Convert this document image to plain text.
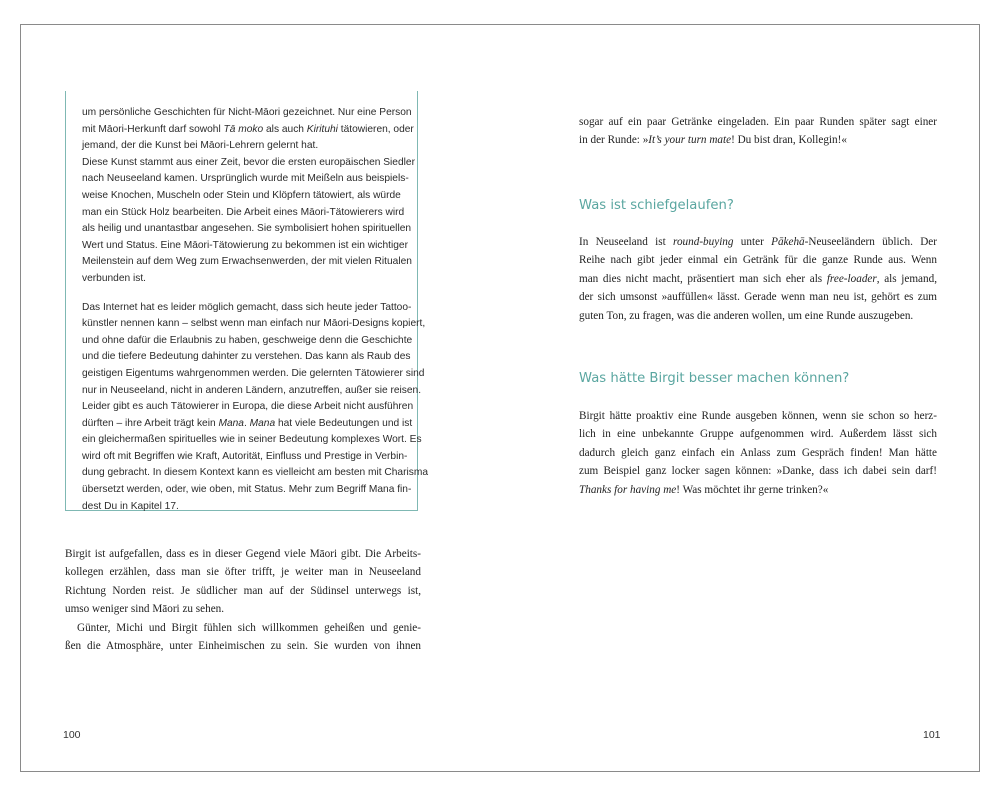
um persönliche Geschichten für Nicht-Māori gezeichnet. Nur eine Person
mit Māori-Herkunft darf sowohl Tā moko als auch Kirituhi tätowieren, oder
jemand, der die Kunst bei Māori-Lehrern gelernt hat.

Diese Kunst stammt aus einer Zeit, bevor die ersten europäischen Siedler
nach Neuseeland kamen. Ursprünglich wurde mit Meißeln aus beispiels-
weise Knochen, Muscheln oder Stein und Klöpfern tätowiert, als würde
man ein Stück Holz bearbeiten. Die Arbeit eines Māori-Tätowierers wird
als heilig und unantastbar angesehen. Sie symbolisiert hohen spirituellen
Wert und Status. Eine Māori-Tätowierung zu bekommen ist ein wichtiger
Meilenstein auf dem Weg zum Erwachsenwerden, der mit vielen Ritualen
verbunden ist.

Das Internet hat es leider möglich gemacht, dass sich heute jeder Tattoo-
künstler nennen kann – selbst wenn man einfach nur Māori-Designs kopiert,
und ohne dafür die Erlaubnis zu haben, geschweige denn die Geschichte
und die tiefere Bedeutung dahinter zu verstehen. Das kann als Raub des
geistigen Eigentums wahrgenommen werden. Die gelernten Tätowierer sind
nur in Neuseeland, nicht in anderen Ländern, anzutreffen, außer sie reisen.
Leider gibt es auch Tätowierer in Europa, die diese Arbeit nicht ausführen
dürften – ihre Arbeit trägt kein Mana. Mana hat viele Bedeutungen und ist
ein gleichermaßen spirituelles wie in seiner Bedeutung komplexes Wort. Es
wird oft mit Begriffen wie Kraft, Autorität, Einfluss und Prestige in Verbin-
dung gebracht. In diesem Kontext kann es vielleicht am besten mit Charisma
übersetzt werden, oder, wie oben, mit Status. Mehr zum Begriff Mana fin-
dest Du in Kapitel 17.

Birgit ist aufgefallen, dass es in dieser Gegend viele Māori gibt. Die Arbeits-
kollegen erzählen, dass man sie öfter trifft, je weiter man in Neuseeland
Richtung Norden reist. Je südlicher man auf der Südinsel unterwegs ist,
umso weniger sind Māori zu sehen.
Günter, Michi und Birgit fühlen sich willkommen geheißen und genie-
ßen die Atmosphäre, unter Einheimischen zu sein. Sie wurden von ihnen
100
sogar auf ein paar Getränke eingeladen. Ein paar Runden später sagt einer
in der Runde: »It’s your turn mate! Du bist dran, Kollegin!«
Was ist schiefgelaufen?
In Neuseeland ist round-buying unter Pākehā-Neuseeländern üblich. Der
Reihe nach gibt jeder einmal ein Getränk für die ganze Runde aus. Wenn
man dies nicht macht, präsentiert man sich eher als free-loader, als jemand,
der sich umsonst »auffüllen« lässt. Gerade wenn man neu ist, gehört es zum
guten Ton, zu fragen, was die anderen wollen, um eine Runde auszugeben.
Was hätte Birgit besser machen können?
Birgit hätte proaktiv eine Runde ausgeben können, wenn sie schon so herz-
lich in eine unbekannte Gruppe aufgenommen wird. Außerdem lässt sich
dadurch gleich ganz einfach ein Anlass zum Gespräch finden! Man hätte
zum Beispiel ganz locker sagen können: »Danke, dass ich dabei sein darf!
Thanks for having me! Was möchtet ihr gerne trinken?«
101
